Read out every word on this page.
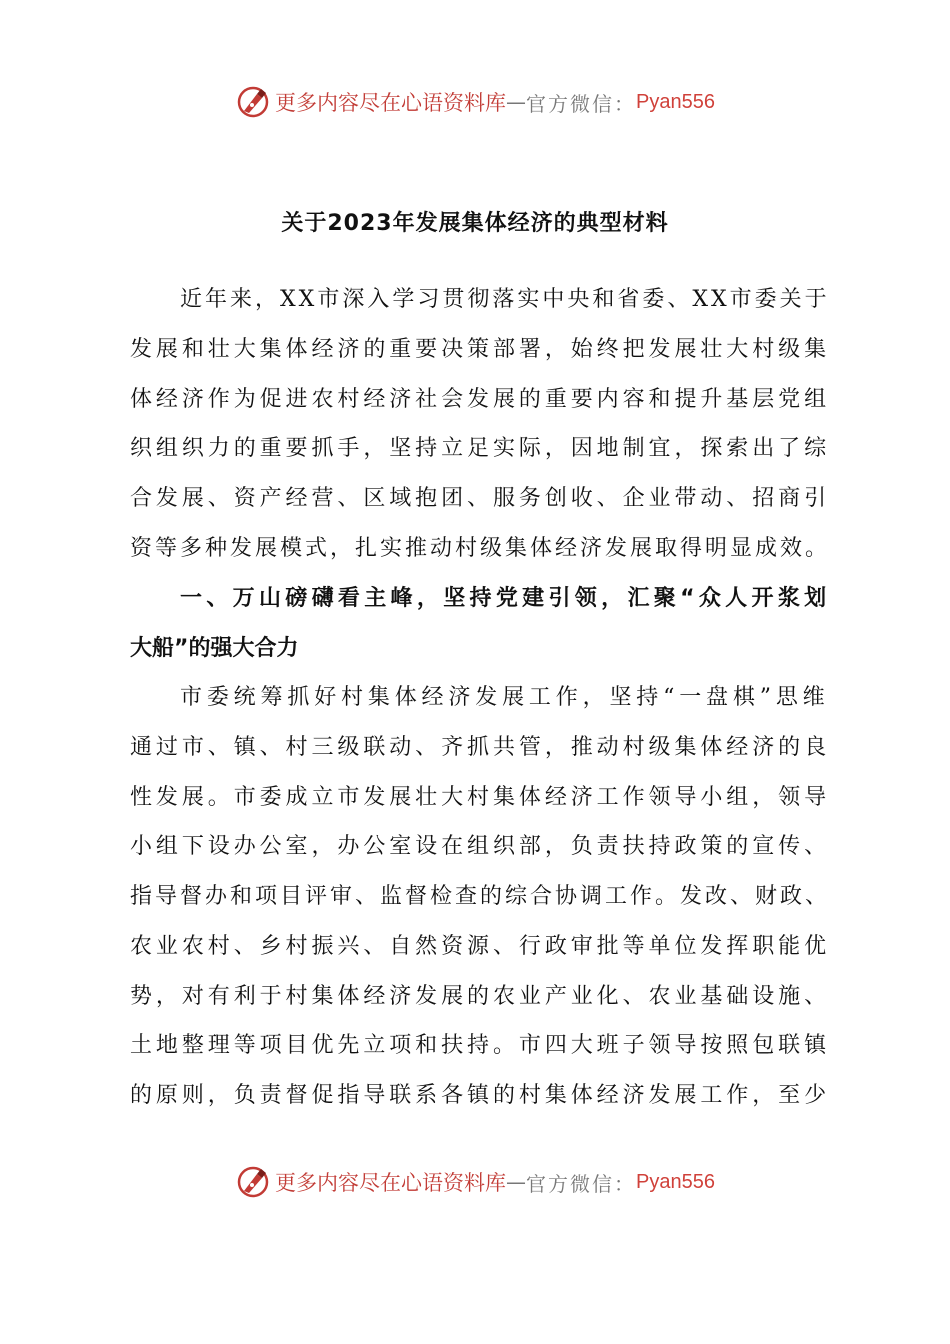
更多内容尽在心语资料库 — 官方微信： Pyan556
关于2023年发展集体经济的典型材料
近年来，XX市深入学习贯彻落实中央和省委、XX市委关于
发展和壮大集体经济的重要决策部署，始终把发展壮大村级集
体经济作为促进农村经济社会发展的重要内容和提升基层党组
织组织力的重要抓手，坚持立足实际，因地制宜，探索出了综
合发展、资产经营、区域抱团、服务创收、企业带动、招商引
资等多种发展模式，扎实推动村级集体经济发展取得明显成效。
一、万山磅礴看主峰，坚持党建引领，汇聚“众人开浆划
大船”的强大合力
市委统筹抓好村集体经济发展工作，坚持“一盘棋”思维
通过市、镇、村三级联动、齐抓共管，推动村级集体经济的良
性发展。市委成立市发展壮大村集体经济工作领导小组，领导
小组下设办公室，办公室设在组织部，负责扶持政策的宣传、
指导督办和项目评审、监督检查的综合协调工作。发改、财政、
农业农村、乡村振兴、自然资源、行政审批等单位发挥职能优
势，对有利于村集体经济发展的农业产业化、农业基础设施、
土地整理等项目优先立项和扶持。市四大班子领导按照包联镇
的原则，负责督促指导联系各镇的村集体经济发展工作，至少
更多内容尽在心语资料库 — 官方微信： Pyan556
